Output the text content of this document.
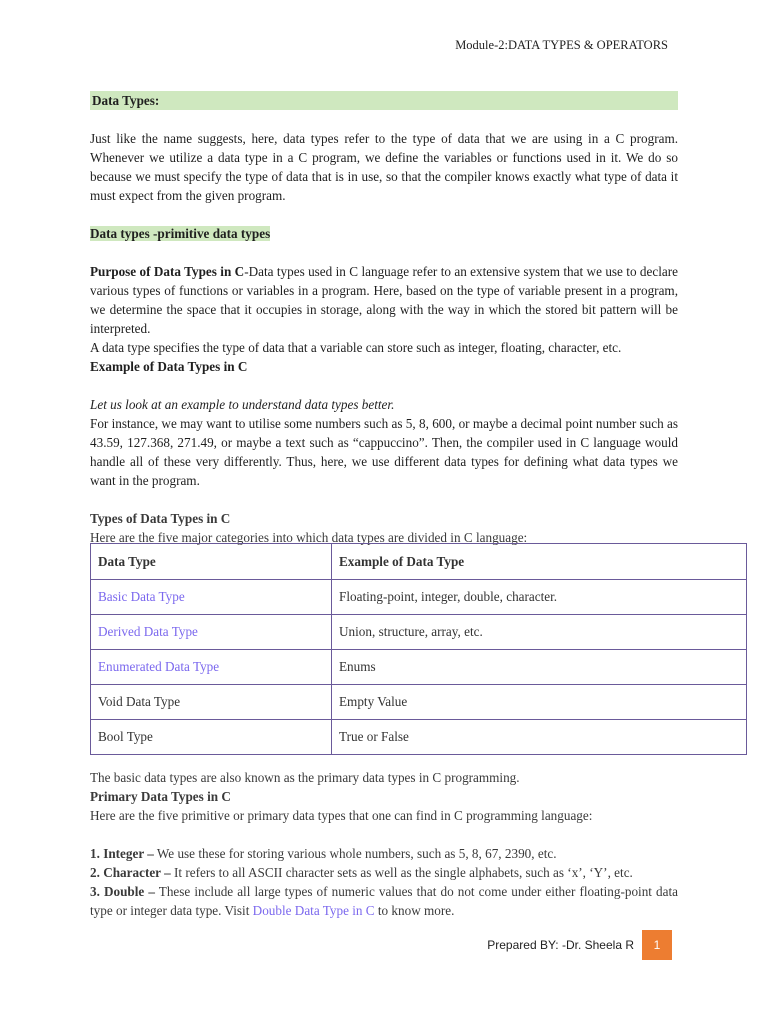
Module-2:DATA TYPES & OPERATORS
Data Types:

Just like the name suggests, here, data types refer to the type of data that we are using in a C program. Whenever we utilize a data type in a C program, we define the variables or functions used in it. We do so because we must specify the type of data that is in use, so that the compiler knows exactly what type of data it must expect from the given program.

Data types -primitive data types

Purpose of Data Types in C-Data types used in C language refer to an extensive system that we use to declare various types of functions or variables in a program. Here, based on the type of variable present in a program, we determine the space that it occupies in storage, along with the way in which the stored bit pattern will be interpreted.

A data type specifies the type of data that a variable can store such as integer, floating, character, etc.

Example of Data Types in C

Let us look at an example to understand data types better.

For instance, we may want to utilise some numbers such as 5, 8, 600, or maybe a decimal point number such as 43.59, 127.368, 271.49, or maybe a text such as “cappuccino”. Then, the compiler used in C language would handle all of these very differently. Thus, here, we use different data types for defining what data types we want in the program.

Types of Data Types in C

Here are the five major categories into which data types are divided in C language:

Data Type	Example of Data Type
Basic Data Type	Floating-point, integer, double, character.
Derived Data Type	Union, structure, array, etc.
Enumerated Data Type	Enums
Void Data Type	Empty Value
Bool Type	True or False

The basic data types are also known as the primary data types in C programming.

Primary Data Types in C

Here are the five primitive or primary data types that one can find in C programming language:

1. Integer – We use these for storing various whole numbers, such as 5, 8, 67, 2390, etc.

2. Character – It refers to all ASCII character sets as well as the single alphabets, such as ‘x’, ‘Y’, etc.

3. Double – These include all large types of numeric values that do not come under either floating-point data type or integer data type. Visit Double Data Type in C to know more.

Prepared BY: -Dr. Sheela R	1
